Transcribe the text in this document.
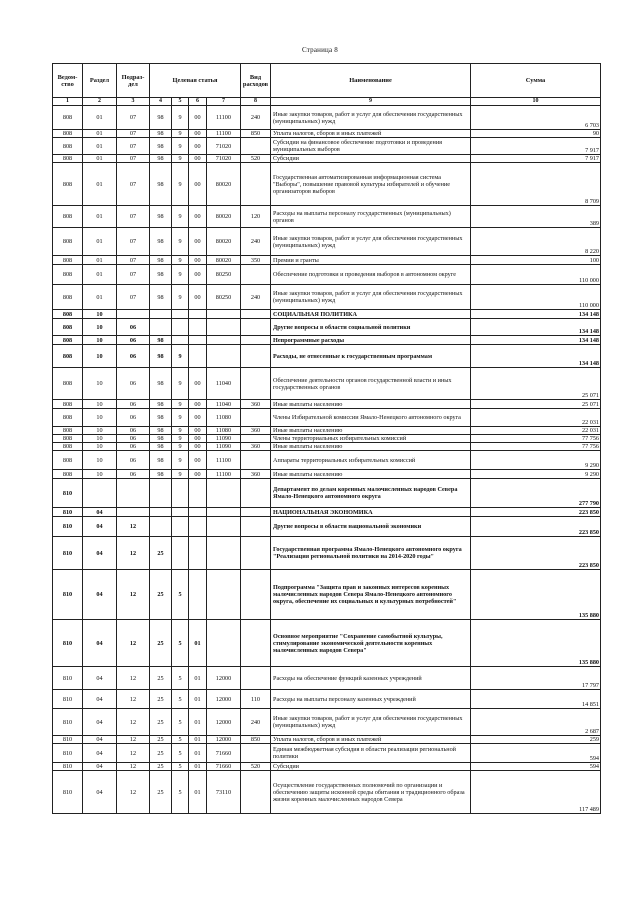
Страница 8
Ведом-ство	Раздел	Подраз-дел	Целевая статья				Вид расходов	Наименование	Сумма
1	2	3	4	5	6	7	8	9	10
808	01	07	98	9	00	11100	240	Иные закупки товаров, работ и услуг для обеспечения государственных (муниципальных) нужд	6 703
808	01	07	98	9	00	11100	850	Уплата налогов, сборов и иных платежей	90
808	01	07	98	9	00	71020		Субсидии на финансовое обеспечение подготовки и проведения муниципальных выборов	7 917
808	01	07	98	9	00	71020	520	Субсидии	7 917
808	01	07	98	9	00	80020		Государственная автоматизированная информационная система "Выборы", повышение правовой культуры избирателей и обучение организаторов выборов	8 709
808	01	07	98	9	00	80020	120	Расходы на выплаты персоналу государственных (муниципальных) органов	389
808	01	07	98	9	00	80020	240	Иные закупки товаров, работ и услуг для обеспечения государственных (муниципальных) нужд	8 220
808	01	07	98	9	00	80020	350	Премии и гранты	100
808	01	07	98	9	00	80250		Обеспечение подготовки и проведения выборов в автономном округе	110 000
808	01	07	98	9	00	80250	240	Иные закупки товаров, работ и услуг для обеспечения государственных (муниципальных) нужд	110 000
808	10							СОЦИАЛЬНАЯ ПОЛИТИКА	134 148
808	10	06						Другие вопросы в области социальной политики	134 148
808	10	06	98					Непрограммные расходы	134 148
808	10	06	98	9				Расходы, не отнесенные к государственным программам	134 148
808	10	06	98	9	00	11040		Обеспечение деятельности органов государственной власти и иных государственных органов	25 071
808	10	06	98	9	00	11040	360	Иные выплаты населению	25 071
808	10	06	98	9	00	11080		Члены Избирательной комиссии Ямало-Ненецкого автономного округа	22 031
808	10	06	98	9	00	11080	360	Иные выплаты населению	22 031
808	10	06	98	9	00	11090		Члены территориальных избирательных комиссий	77 756
808	10	06	98	9	00	11090	360	Иные выплаты населению	77 756
808	10	06	98	9	00	11100		Аппараты территориальных избирательных комиссий	9 290
808	10	06	98	9	00	11100	360	Иные выплаты населению	9 290
810								Департамент по делам коренных малочисленных народов Севера Ямало-Ненецкого автономного округа	277 790
810	04							НАЦИОНАЛЬНАЯ ЭКОНОМИКА	223 850
810	04	12						Другие вопросы в области национальной экономики	223 850
810	04	12	25					Государственная программа Ямало-Ненецкого автономного округа "Реализация региональной политики на 2014-2020 годы"	223 850
810	04	12	25	5				Подпрограмма "Защита прав и законных интересов коренных малочисленных народов Севера Ямало-Ненецкого автономного округа, обеспечение их социальных и культурных потребностей"	135 880
810	04	12	25	5	01			Основное мероприятие "Сохранение самобытной культуры, стимулирование экономической деятельности коренных малочисленных народов Севера"	135 880
810	04	12	25	5	01	12000		Расходы на обеспечение функций казенных учреждений	17 797
810	04	12	25	5	01	12000	110	Расходы на выплаты персоналу казенных учреждений	14 851
810	04	12	25	5	01	12000	240	Иные закупки товаров, работ и услуг для обеспечения государственных (муниципальных) нужд	2 687
810	04	12	25	5	01	12000	850	Уплата налогов, сборов и иных платежей	259
810	04	12	25	5	01	71660		Единая межбюджетная субсидия в области реализации региональной политики	594
810	04	12	25	5	01	71660	520	Субсидии	594
810	04	12	25	5	01	73110		Осуществление государственных полномочий по организации и обеспечению защиты исконной среды обитания и традиционного образа жизни коренных малочисленных народов Севера	117 489
